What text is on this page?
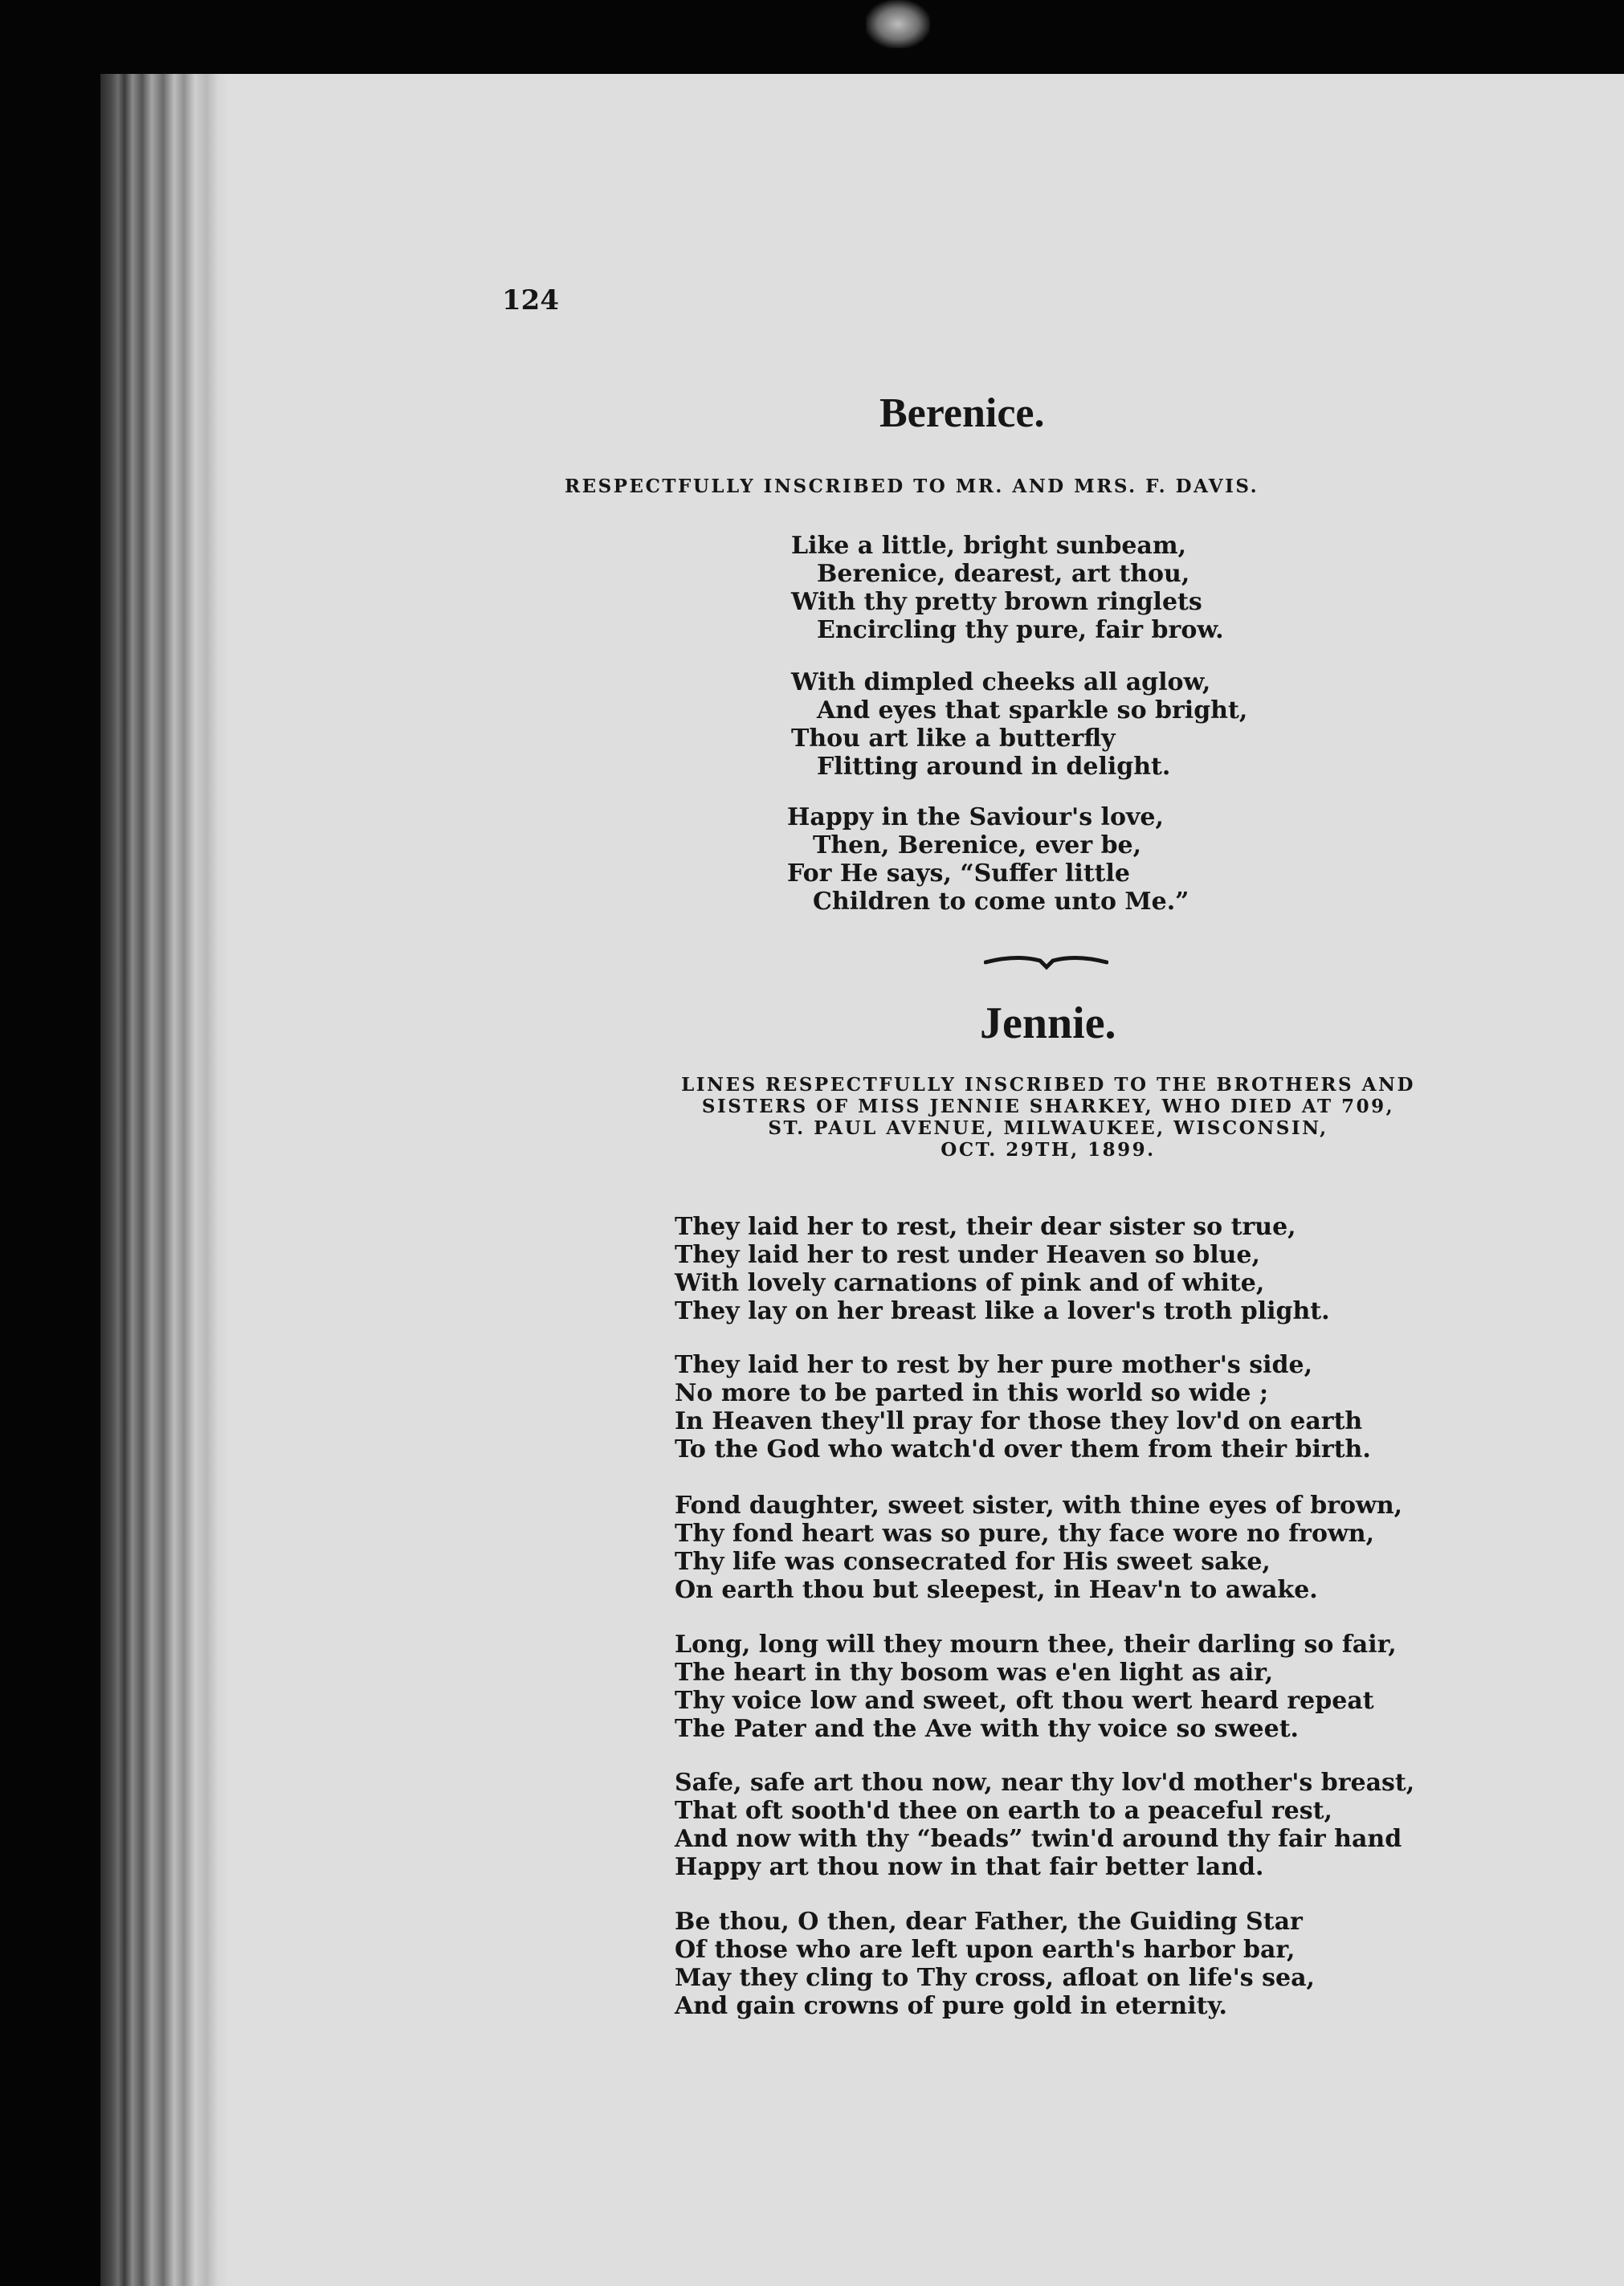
124
Berenice.
RESPECTFULLY INSCRIBED TO MR. AND MRS. F. DAVIS.
Like a little, bright sunbeam,
Berenice, dearest, art thou,
With thy pretty brown ringlets
Encircling thy pure, fair brow.
With dimpled cheeks all aglow,
And eyes that sparkle so bright,
Thou art like a butterfly
Flitting around in delight.
Happy in the Saviour's love,
Then, Berenice, ever be,
For He says, “Suffer little
Children to come unto Me.”
Jennie.
LINES RESPECTFULLY INSCRIBED TO THE BROTHERS AND
SISTERS OF MISS JENNIE SHARKEY, WHO DIED AT 709,
ST. PAUL AVENUE, MILWAUKEE, WISCONSIN,
OCT. 29TH, 1899.
They laid her to rest, their dear sister so true,
They laid her to rest under Heaven so blue,
With lovely carnations of pink and of white,
They lay on her breast like a lover's troth plight.
They laid her to rest by her pure mother's side,
No more to be parted in this world so wide ;
In Heaven they'll pray for those they lov'd on earth
To the God who watch'd over them from their birth.
Fond daughter, sweet sister, with thine eyes of brown,
Thy fond heart was so pure, thy face wore no frown,
Thy life was consecrated for His sweet sake,
On earth thou but sleepest, in Heav'n to awake.
Long, long will they mourn thee, their darling so fair,
The heart in thy bosom was e'en light as air,
Thy voice low and sweet, oft thou wert heard repeat
The Pater and the Ave with thy voice so sweet.
Safe, safe art thou now, near thy lov'd mother's breast,
That oft sooth'd thee on earth to a peaceful rest,
And now with thy “beads” twin'd around thy fair hand
Happy art thou now in that fair better land.
Be thou, O then, dear Father, the Guiding Star
Of those who are left upon earth's harbor bar,
May they cling to Thy cross, afloat on life's sea,
And gain crowns of pure gold in eternity.
